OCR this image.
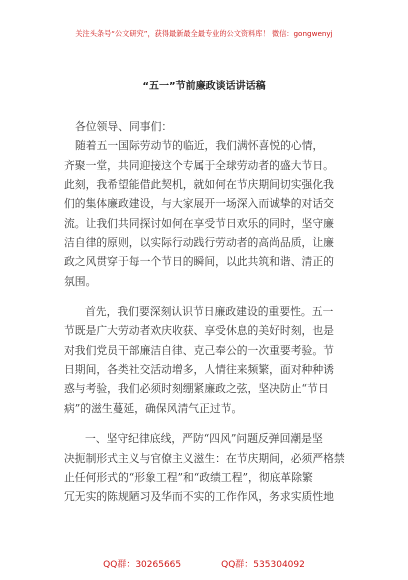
关注头条号“公文研究”，获得最新最全最专业的公文资料库！ 微信：gongwenyj
“五一”节前廉政谈话讲话稿
各位领导、同事们：
随着五一国际劳动节的临近，我们满怀喜悦的心情，
齐聚一堂，共同迎接这个专属于全球劳动者的盛大节日。
此刻，我希望能借此契机，就如何在节庆期间切实强化我
们的集体廉政建设，与大家展开一场深入而诚挚的对话交
流。让我们共同探讨如何在享受节日欢乐的同时，坚守廉
洁自律的原则，以实际行动践行劳动者的高尚品质，让廉
政之风贯穿于每一个节日的瞬间，以此共筑和谐、清正的
氛围。
首先，我们要深刻认识节日廉政建设的重要性。五一
节既是广大劳动者欢庆收获、享受休息的美好时刻，也是
对我们党员干部廉洁自律、克己奉公的一次重要考验。节
日期间，各类社交活动增多，人情往来频繁，面对种种诱
惑与考验，我们必须时刻绷紧廉政之弦，坚决防止“节日
病”的滋生蔓延，确保风清气正过节。
一、坚守纪律底线，严防“四风”问题反弹回潮是坚
决扼制形式主义与官僚主义滋生：在节庆期间，必须严格禁
止任何形式的“形象工程”和“政绩工程”，彻底革除繁
冗无实的陈规陋习及华而不实的工作作风，务求实质性地
QQ群：30265665	QQ群：535304092
